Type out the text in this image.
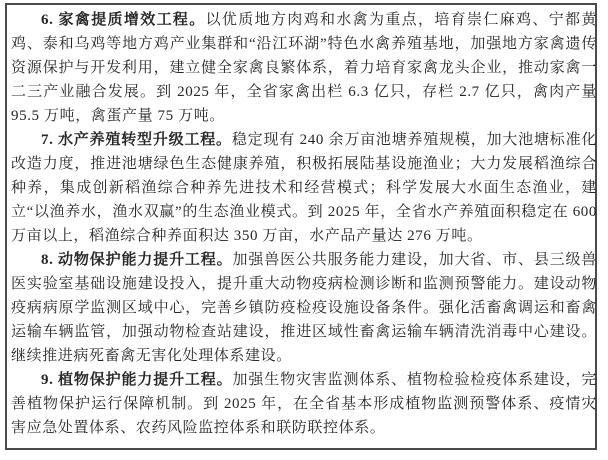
6. 家禽提质增效工程。以优质地方肉鸡和水禽为重点，培育崇仁麻鸡、宁都黄鸡、泰和乌鸡等地方鸡产业集群和“沿江环湖”特色水禽养殖基地，加强地方家禽遗传资源保护与开发利用，建立健全家禽良繁体系，着力培育家禽龙头企业，推动家禽一二三产业融合发展。到 2025 年，全省家禽出栏 6.3 亿只，存栏 2.7 亿只，禽肉产量 95.5 万吨，禽蛋产量 75 万吨。

7. 水产养殖转型升级工程。稳定现有 240 余万亩池塘养殖规模，加大池塘标准化改造力度，推进池塘绿色生态健康养殖，积极拓展陆基设施渔业；大力发展稻渔综合种养，集成创新稻渔综合种养先进技术和经营模式；科学发展大水面生态渔业，建立“以渔养水，渔水双赢”的生态渔业模式。到 2025 年，全省水产养殖面积稳定在 600 万亩以上，稻渔综合种养面积达 350 万亩，水产品产量达 276 万吨。

8. 动物保护能力提升工程。加强兽医公共服务能力建设，加大省、市、县三级兽医实验室基础设施建设投入，提升重大动物疫病检测诊断和监测预警能力。建设动物疫病病原学监测区域中心，完善乡镇防疫检疫设施设备条件。强化活畜禽调运和畜禽运输车辆监管，加强动物检查站建设，推进区域性畜禽运输车辆清洗消毒中心建设。继续推进病死畜禽无害化处理体系建设。

9. 植物保护能力提升工程。加强生物灾害监测体系、植物检验检疫体系建设，完善植物保护运行保障机制。到 2025 年，在全省基本形成植物监测预警体系、疫情灾害应急处置体系、农药风险监控体系和联防联控体系。
